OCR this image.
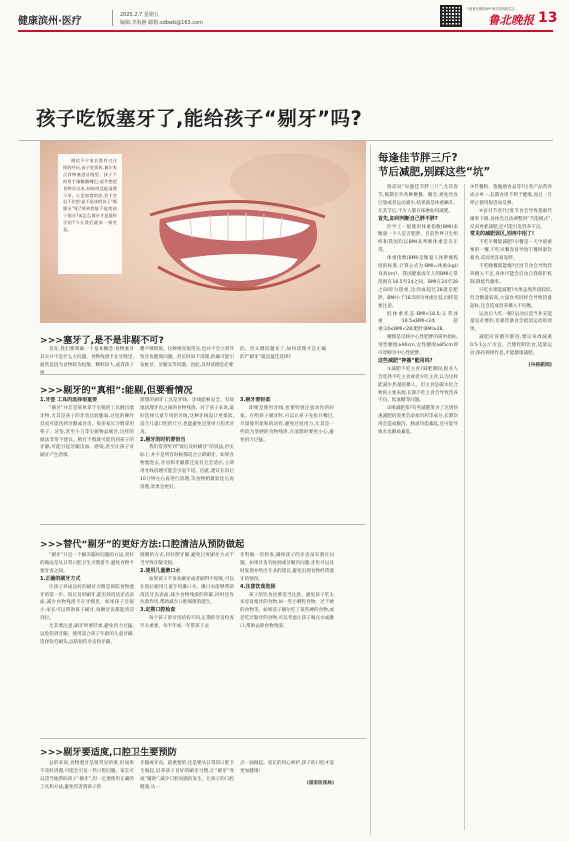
健康滨州·医疗
2025.2.7 星期五
编辑:李海静 邮箱:sdbwb@163.com
下载鲁北晚报APP 畅享滨州新生活
鲁北晚报 13
孩子吃饭塞牙了,能给孩子“剔牙”吗?
相信不少家长都有过这样的经历,孩子吃饭时,偶尔有点食物塞进牙缝里。孩子不时用手指戳戳嘴巴,似乎想把食物弄出来,却始终没能清理干净。心急如焚的你,会不会忍不住想:是不是该给孩子“剔剔牙”呢?那到底能不能给孩子剔牙?该怎么剔牙才是最科学的?今天我们就来一探究竟。
>>>塞牙了,是不是非剔不可?

首先,我们要明确一个基本概念:食物塞牙其实并不是什么大问题。食物残渣卡在牙缝里,通常是因为食物较为松散、颗粒较大,或者孩子咀

嚼不够彻底。这种情况很常见,也并不会立刻导致牙齿健康问题。但长时间不清理,的确可能引发蛀牙、牙龈炎等问题。因此,及时清理是必要

的。但关键问题来了,如何清理才是正确的?“剔牙”就是最佳选择?

>>>剔牙的“真相”:能剔,但要看情况
1.牙签 工具的选择很重要

“剔牙”并非是简单拿个尖锐的工具戳出塞牙物,尤其是孩子的牙齿比较脆弱,过度的操作反而可能伤到牙龈或牙齿。很多家长习惯拿用筷子、牙签,甚至小刀等尖锐物品剔牙,这样的做法非常不建议。稍有不慎就可能伤到孩子的牙龈,可能引起牙龈出血、感染,甚至让孩子对刷牙产生恐惧。

理想的剔牙工具是牙线。牙线能够安全、有效地清理牙齿之间的食物残渣。对于孩子来说,最好选择儿童专用的牙线,这种牙线设计更柔软,适合儿童口腔的尺寸,也能避免过度用力伤害牙齿。

2.剔牙的时机要恰当

我们常常听到“饭后及时刷牙”的说法,但实际上,并不是所有时候都适合立即刷牙。如果食物塞进去,牙齿和牙龈都还没有完全适应,立即用牙线清理可能会引起不适。因此,建议在饭后10分钟左右再进行清理,等食物稍微软化后再清理,效果会更好。

3.剔牙要轻柔

即便是使用牙线,也要特别注意动作的轻柔。在给孩子剔牙时,可以让孩子先张开嘴巴,尽量使用柔和的动作,避免过度用力,尤其是一些较为坚硬的食物残渣,在清理时要更小心,避免用力过猛。

>>>替代“剔牙”的更好方法:口腔清洁从预防做起

“剔牙”只是一个解决临时问题的方法,更好的做法是从日常口腔卫生习惯着手,避免食物卡塞牙齿之间。

1.正确的刷牙方式

让孩子养成良好的刷牙习惯是预防食物塞牙的第一步。饭后及时刷牙,能有效清洁牙齿表面,减少食物残渣卡在牙缝里。如果孩子还很小,家长可以帮助孩子刷牙,每颗牙齿都能清洁到位。

尤其要注意,刷牙时要轻柔,避免用力过猛,以免伤到牙龈。使用适合孩子年龄的儿童牙刷,选择软毛刷头,以防损伤牙齿和牙龈。

圆圈的方式,轻轻摆牙龈,避免过度刷牙方式不当导致牙龈受损。

2.使用儿童漱口水

如果孩子不喜欢刷牙或者刷得不彻底,可以在饭后使用儿童专用漱口水。漱口水能够帮助清洁牙齿表面,减少食物残渣的积累,同时还有抗菌作用,帮助减少口腔细菌的滋生。

3.定期口腔检查

每个孩子的牙齿结构不同,定期的牙齿检查至关重要。每半年或一年带孩子去

牙科做一次检查,确保孩子的牙齿没有潜在问题。如果牙齿有蛀洞或牙龈有问题,牙医可以及时发现并给出专业的建议,避免出现食物经常塞牙的情况。

4.注意饮食选择

孩子的饮食也要适当注意。避免孩子吃太多容易塞牙的食物,如一些小颗粒食物、过于硬的食物等。如果孩子偶尔吃了某些硬的食物,或者吃过黏牙的食物,可以考虑让孩子喝点水或漱口,帮助去除食物残渣。

>>>剔牙要适度,口腔卫生要预防

总的来说,食物塞牙是很常见的事,但如果不及时清理,可能会引发一些口腔问题。家长可以适当地帮助孩子“剔牙”,但一定要使用正确的工具和方法,避免伤害到孩子的

牙龈或牙齿。最重要的,还是要从日常的口腔卫生做起,培养孩子良好的刷牙习惯,让“剔牙”变成“辅助”,减少口腔问题的发生。让孩子的口腔健康,从一

点一滴做起。家长的用心呵护,孩子的口腔才能更加健康!

(国家医保局)
每逢佳节胖三斤?
节后减肥,别踩这些“坑”

俗话说“每逢佳节胖三斤”,尤其春节,假期在外各种聚餐、聚会,难免饮食过量或者运动减少,结果就是体重飙升。尤其节后,不少人都在琢磨如何减肥。

首先,如何判断自己胖不胖?

医学上一般使用体重指数(BMI)来衡量一个人是否肥胖。目前世界卫生组织和我国均以BMI来判断体重是否正常。

体重指数(BMI)是衡量人体胖瘦程度的标准,计算公式为:BMI=体重(kg)/身高(m)²。我国健康成年人的BMI正常范围在18.5至24之间。BMI在24至28之间即为超重,达到或超过28就是肥胖。BMI小于18.5则为体重过低,同样需要注意。

低体重状态:BMI<18.5;正常体重:18.5≤BMI<24;超重:24≤BMI<28;肥胖:BMI≥28。

腰围是反映中心性肥胖的简单指标,男性腰围≥90cm,女性腰围≥85cm即可诊断为中心性肥胖。

这些减肥“神器”能用吗?

①减肥不吃主食?减肥期间,很多人会选择不吃主食或者少吃主食,认为这样能减少热量的摄入。但主食是碳水化合物的主要来源,长期不吃主食会导致营养不良、低血糖等问题。

②喝减肥茶?有些减肥茶为了达到快速减肥的效果会添加泻药等成分,长期饮用会造成腹泻、肠道功能紊乱,还可能导致水电解质紊乱。

③代餐粉、饱腹感食品等?这类产品营养成分单一,长期食用不利于健康,而且一旦停止使用很容易反弹。

④盲目节食?过度节食会导致基础代谢率下降,身体会自动调整到“节能模式”,反而更难减肥,还可能引发营养不良。

常见的减肥误区,别再中招了!

不吃早餐能减肥?早餐是一天中最重要的一餐,不吃早餐容易导致午餐时暴饮暴食,反而更容易发胖。

不吃晚餐就能瘦?过度节食会导致营养摄入不足,身体可能会启动自我保护机制,降低代谢率。

只吃水果能减肥?水果虽然热量较低,但含糖量较高,大量食用同样会导致热量超标,还会造成营养摄入不均衡。

运动后大吃一顿?运动后适当补充能量是必要的,但暴饮暴食会抵消运动的效果。

减肥应该循序渐进,建议每周减重0.5-1公斤为宜。合理控制饮食,适量运动,保持规律作息,才能健康减肥。

(央视新闻)
